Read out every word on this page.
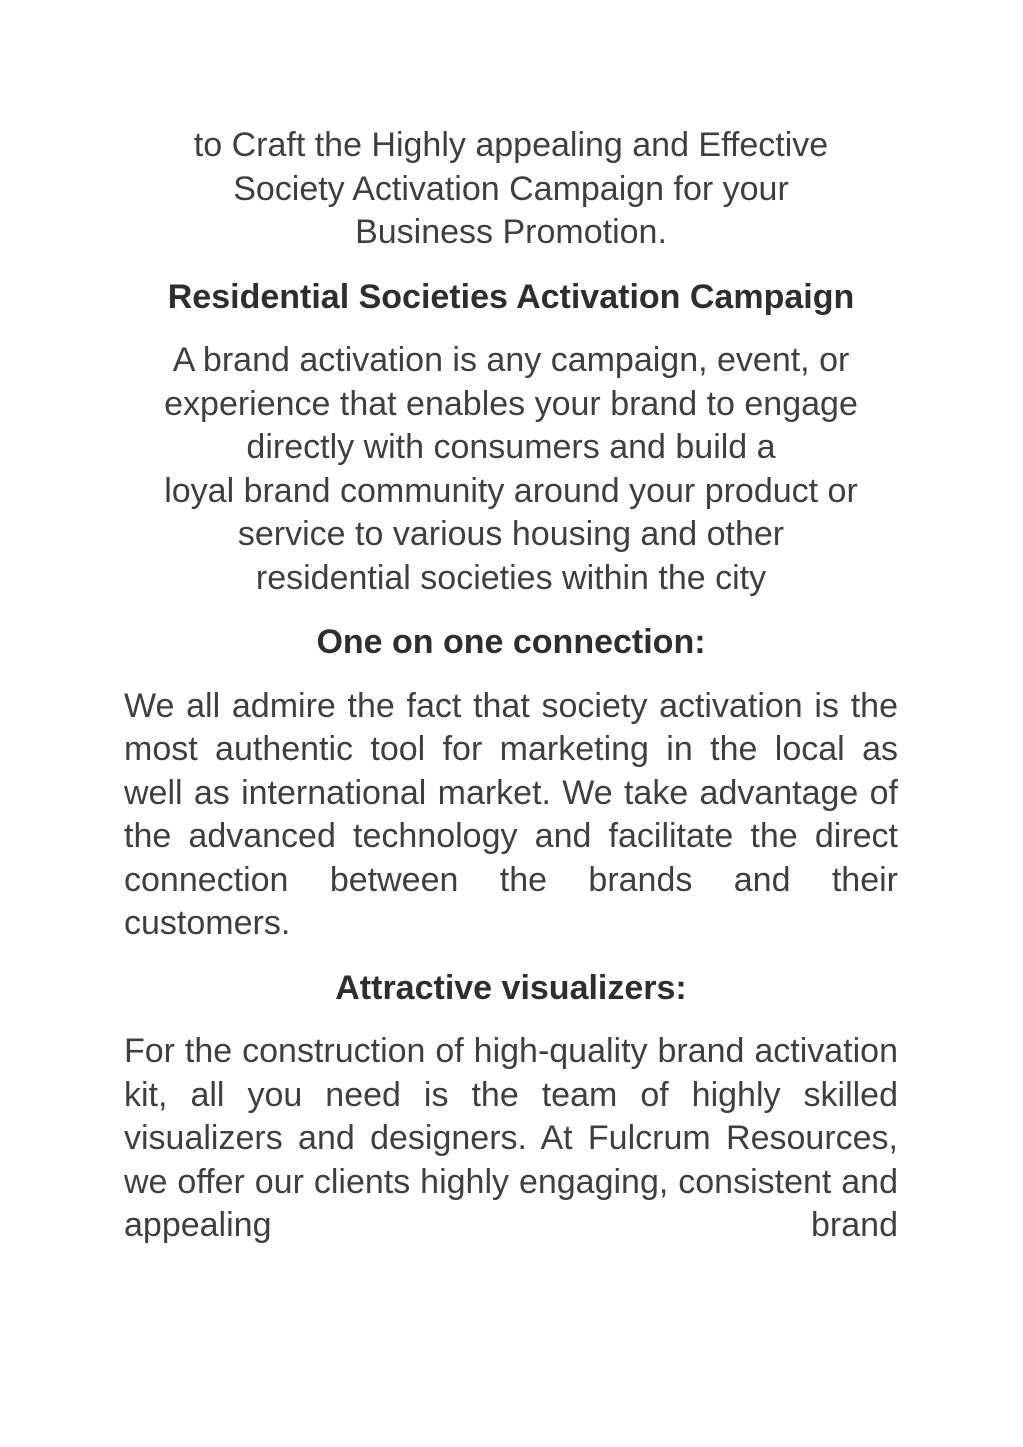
to Craft the Highly appealing and Effective
Society Activation Campaign for your
Business Promotion.

Residential Societies Activation Campaign

A brand activation is any campaign, event, or
experience that enables your brand to engage
directly with consumers and build a
loyal brand community around your product or
service to various housing and other
residential societies within the city

One on one connection:

We all admire the fact that society activation is the most authentic tool for marketing in the local as well as international market. We take advantage of the advanced technology and facilitate the direct connection between the brands and their customers.

Attractive visualizers:

For the construction of high-quality brand activation kit, all you need is the team of highly skilled visualizers and designers. At Fulcrum Resources, we offer our clients highly engaging, consistent and appealing brand
